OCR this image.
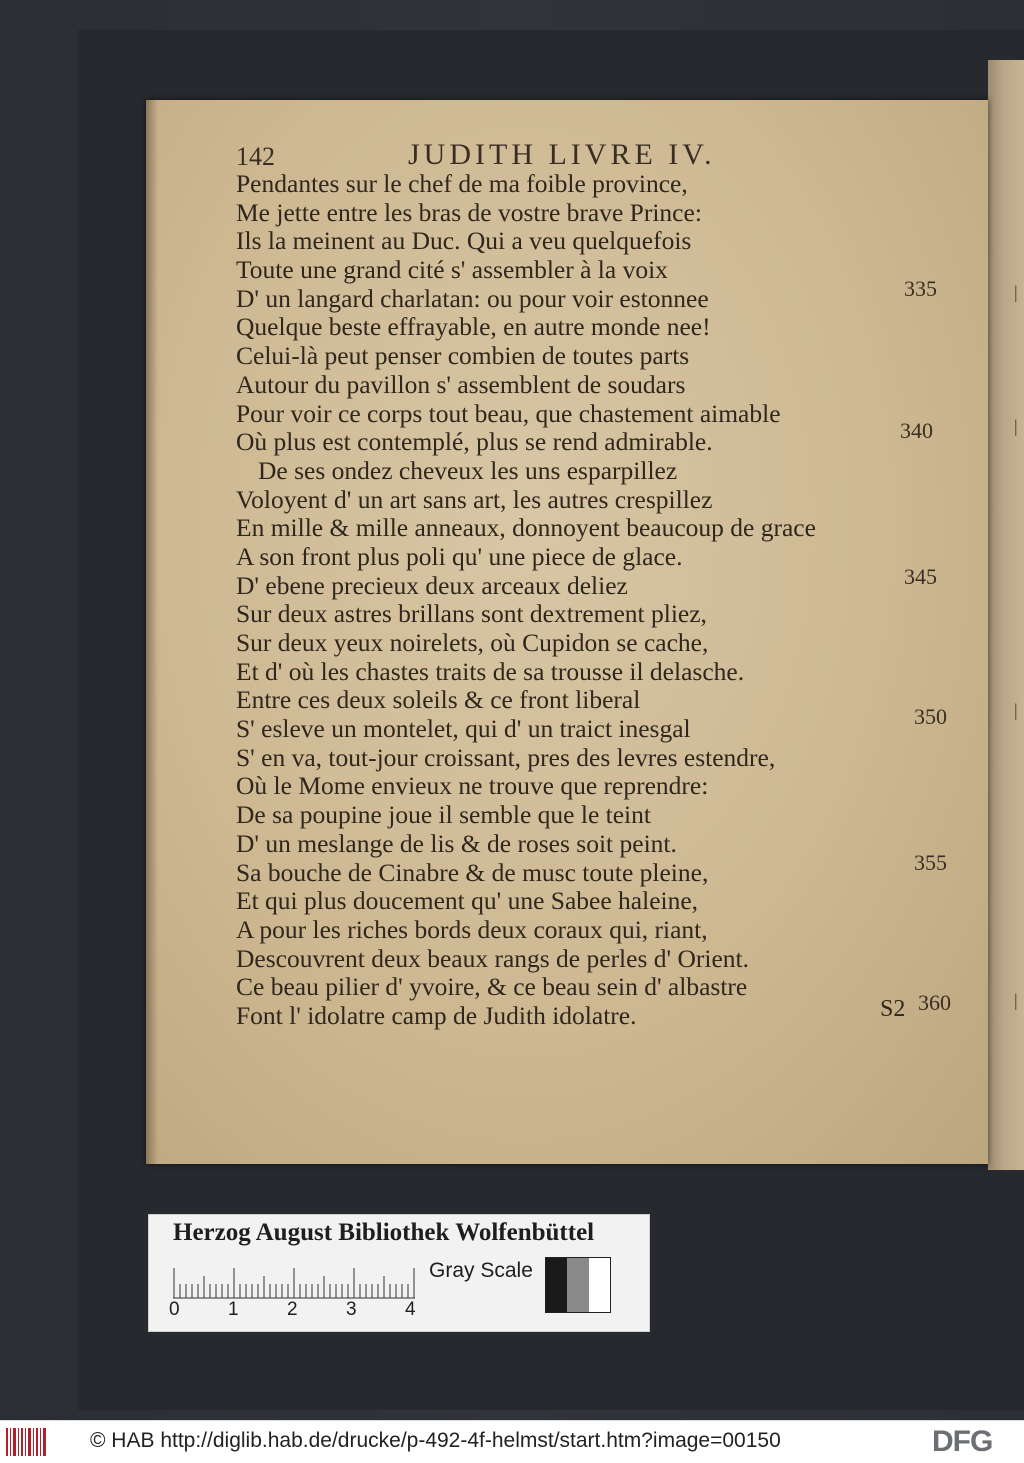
142	JUDITH LIVRE IV.
Pendantes sur le chef de ma foible province,
Me jette entre les bras de vostre brave Prince:
Ils la meinent au Duc. Qui a veu quelquefois
Toute une grand cité s' assembler à la voix
D' un langard charlatan: ou pour voir estonnee
Quelque beste effrayable, en autre monde nee!
Celui-là peut penser combien de toutes parts
Autour du pavillon s' assemblent de soudars
Pour voir ce corps tout beau, que chastement aimable
Où plus est contemplé, plus se rend admirable.
De ses ondez cheveux les uns esparpillez
Voloyent d' un art sans art, les autres crespillez
En mille & mille anneaux, donnoyent beaucoup de grace
A son front plus poli qu' une piece de glace.
D' ebene precieux deux arceaux deliez
Sur deux astres brillans sont dextrement pliez,
Sur deux yeux noirelets, où Cupidon se cache,
Et d' où les chastes traits de sa trousse il delasche.
Entre ces deux soleils & ce front liberal
S' esleve un montelet, qui d' un traict inesgal
S' en va, tout-jour croissant, pres des levres estendre,
Où le Mome envieux ne trouve que reprendre:
De sa poupine joue il semble que le teint
D' un meslange de lis & de roses soit peint.
Sa bouche de Cinabre & de musc toute pleine,
Et qui plus doucement qu' une Sabee haleine,
A pour les riches bords deux coraux qui, riant,
Descouvrent deux beaux rangs de perles d' Orient.
Ce beau pilier d' yvoire, & ce beau sein d' albastre
Font l' idolatre camp de Judith idolatre.
335
340
345
350
355
360
S2
|
|
|
|
Herzog August Bibliothek Wolfenbüttel
0	1	2	3	4
Gray Scale
© HAB http://diglib.hab.de/drucke/p-492-4f-helmst/start.htm?image=00150	DFG
